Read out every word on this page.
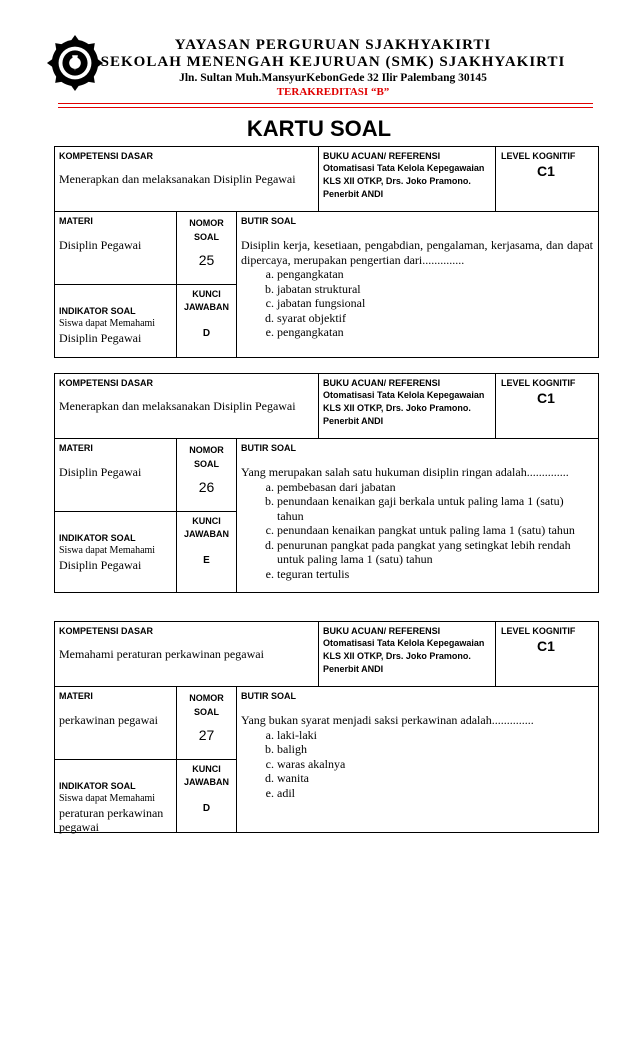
YAYASAN PERGURUAN SJAKHYAKIRTI
SEKOLAH MENENGAH KEJURUAN (SMK) SJAKHYAKIRTI
Jln. Sultan Muh.MansyurKebonGede 32 Ilir Palembang 30145
TERAKREDITASI “B”
KARTU SOAL
KOMPETENSI DASAR
Menerapkan dan melaksanakan Disiplin Pegawai
BUKU ACUAN/ REFERENSI
Otomatisasi Tata Kelola Kepegawaian KLS XII OTKP, Drs. Joko Pramono. Penerbit ANDI
LEVEL KOGNITIF
C1
MATERI
Disiplin Pegawai
INDIKATOR SOAL
Siswa dapat Memahami
Disiplin Pegawai
NOMOR SOAL
25
KUNCI JAWABAN
D
BUTIR SOAL
Disiplin kerja, kesetiaan, pengabdian, pengalaman, kerjasama, dan dapat dipercaya, merupakan pengertian dari..............
a. pengangkatan
b. jabatan struktural
c. jabatan fungsional
d. syarat objektif
e. pengangkatan
KOMPETENSI DASAR
Menerapkan dan melaksanakan Disiplin Pegawai
BUKU ACUAN/ REFERENSI
Otomatisasi Tata Kelola Kepegawaian KLS XII OTKP, Drs. Joko Pramono. Penerbit ANDI
LEVEL KOGNITIF
C1
MATERI
Disiplin Pegawai
INDIKATOR SOAL
Siswa dapat Memahami
Disiplin Pegawai
NOMOR SOAL
26
KUNCI JAWABAN
E
BUTIR SOAL
Yang merupakan salah satu hukuman disiplin ringan adalah..............
a. pembebasan dari jabatan
b. penundaan kenaikan gaji berkala untuk paling lama 1 (satu) tahun
c. penundaan kenaikan pangkat untuk paling lama 1 (satu) tahun
d. penurunan pangkat pada pangkat yang setingkat lebih rendah untuk paling lama 1 (satu) tahun
e. teguran tertulis
KOMPETENSI DASAR
Memahami peraturan perkawinan pegawai
BUKU ACUAN/ REFERENSI
Otomatisasi Tata Kelola Kepegawaian KLS XII OTKP, Drs. Joko Pramono. Penerbit ANDI
LEVEL KOGNITIF
C1
MATERI
perkawinan pegawai
INDIKATOR SOAL
Siswa dapat Memahami
peraturan perkawinan pegawai
NOMOR SOAL
27
KUNCI JAWABAN
D
BUTIR SOAL
Yang bukan syarat menjadi saksi perkawinan adalah..............
a. laki-laki
b. baligh
c. waras akalnya
d. wanita
e. adil
